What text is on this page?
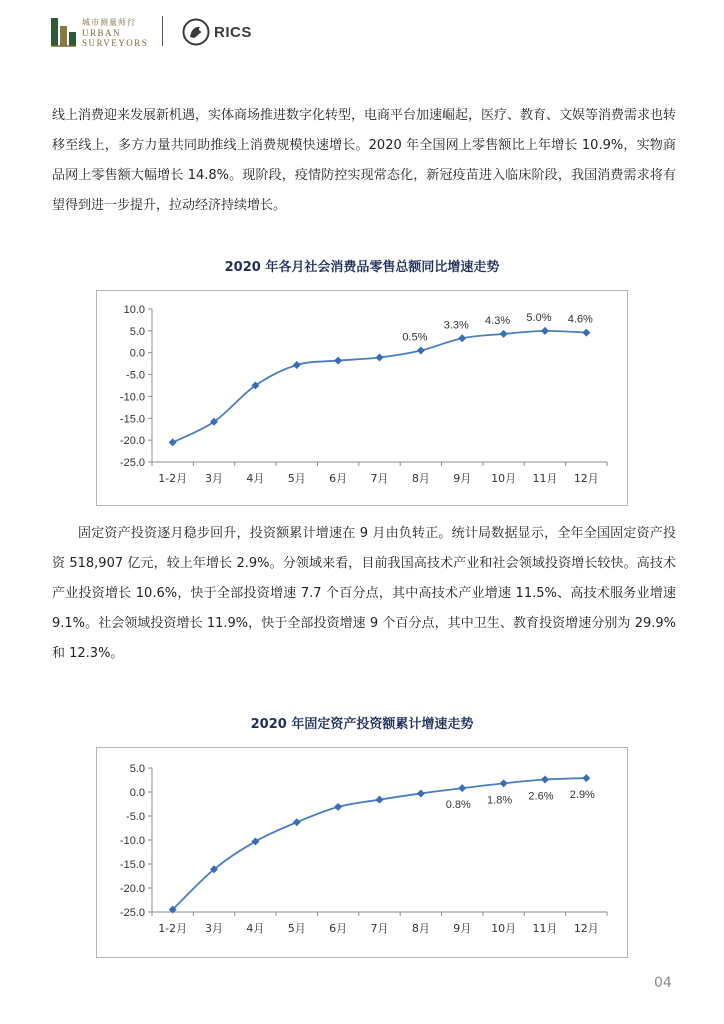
城市测量师行
URBAN
SURVEYORS
RICS
线上消费迎来发展新机遇，实体商场推进数字化转型，电商平台加速崛起，医疗、教育、文娱等消费需求也转移至线上，多方力量共同助推线上消费规模快速增长。2020 年全国网上零售额比上年增长 10.9%，实物商品网上零售额大幅增长 14.8%。现阶段，疫情防控实现常态化，新冠疫苗进入临床阶段，我国消费需求将有望得到进一步提升，拉动经济持续增长。
2020 年各月社会消费品零售总额同比增速走势
10.0
5.0
0.0
-5.0
-10.0
-15.0
-20.0
-25.0
1-2月 3月 4月 5月 6月 7月 8月 9月 10月 11月 12月
0.5%
3.3% 4.3% 5.0% 4.6%
固定资产投资逐月稳步回升，投资额累计增速在 9 月由负转正。统计局数据显示，全年全国固定资产投资 518,907 亿元，较上年增长 2.9%。分领域来看，目前我国高技术产业和社会领域投资增长较快。高技术产业投资增长 10.6%，快于全部投资增速 7.7 个百分点，其中高技术产业增速 11.5%、高技术服务业增速 9.1%。社会领域投资增长 11.9%，快于全部投资增速 9 个百分点，其中卫生、教育投资增速分别为 29.9%和 12.3%。
2020 年固定资产投资额累计增速走势
5.0
0.0
-5.0
-10.0
-15.0
-20.0
-25.0
1-2月 3月 4月 5月 6月 7月 8月 9月 10月 11月 12月
0.8% 1.8% 2.6% 2.9%
04
